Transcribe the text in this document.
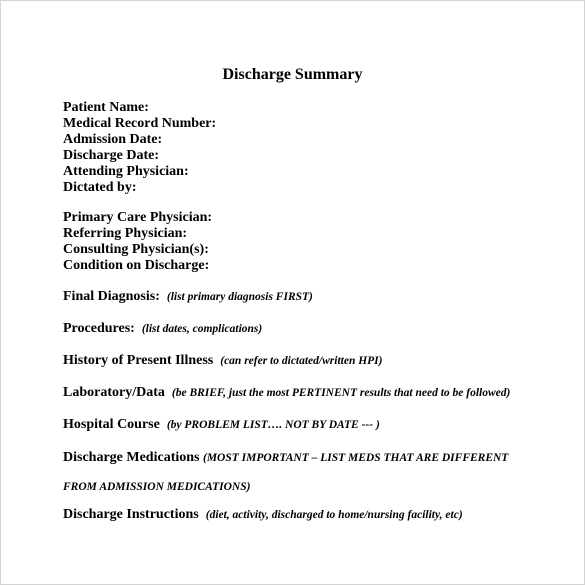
Discharge Summary
Patient Name:
Medical Record Number:
Admission Date:
Discharge Date:
Attending Physician:
Dictated by:
Primary Care Physician:
Referring Physician:
Consulting Physician(s):
Condition on Discharge:
Final Diagnosis: (list primary diagnosis FIRST)
Procedures: (list dates, complications)
History of Present Illness (can refer to dictated/written HPI)
Laboratory/Data (be BRIEF, just the most PERTINENT results that need to be followed)
Hospital Course (by PROBLEM LIST…. NOT BY DATE --- )
Discharge Medications (MOST IMPORTANT – LIST MEDS THAT ARE DIFFERENT
FROM ADMISSION MEDICATIONS)
Discharge Instructions (diet, activity, discharged to home/nursing facility, etc)
